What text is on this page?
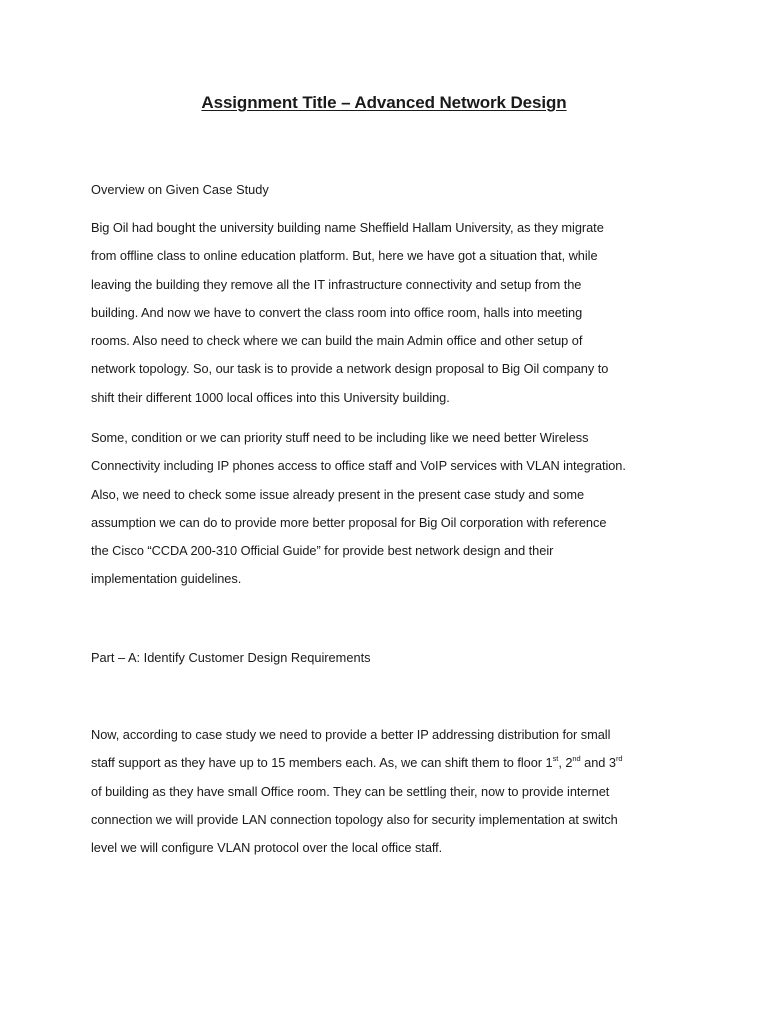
Assignment Title – Advanced Network Design
Overview on Given Case Study
Big Oil had bought the university building name Sheffield Hallam University, as they migrate
from offline class to online education platform. But, here we have got a situation that, while
leaving the building they remove all the IT infrastructure connectivity and setup from the
building. And now we have to convert the class room into office room, halls into meeting
rooms. Also need to check where we can build the main Admin office and other setup of
network topology. So, our task is to provide a network design proposal to Big Oil company to
shift their different 1000 local offices into this University building.
Some, condition or we can priority stuff need to be including like we need better Wireless
Connectivity including IP phones access to office staff and VoIP services with VLAN integration.
Also, we need to check some issue already present in the present case study and some
assumption we can do to provide more better proposal for Big Oil corporation with reference
the Cisco “CCDA 200-310 Official Guide” for provide best network design and their
implementation guidelines.
Part – A: Identify Customer Design Requirements
Now, according to case study we need to provide a better IP addressing distribution for small
staff support as they have up to 15 members each. As, we can shift them to floor 1st, 2nd and 3rd
of building as they have small Office room. They can be settling their, now to provide internet
connection we will provide LAN connection topology also for security implementation at switch
level we will configure VLAN protocol over the local office staff.
